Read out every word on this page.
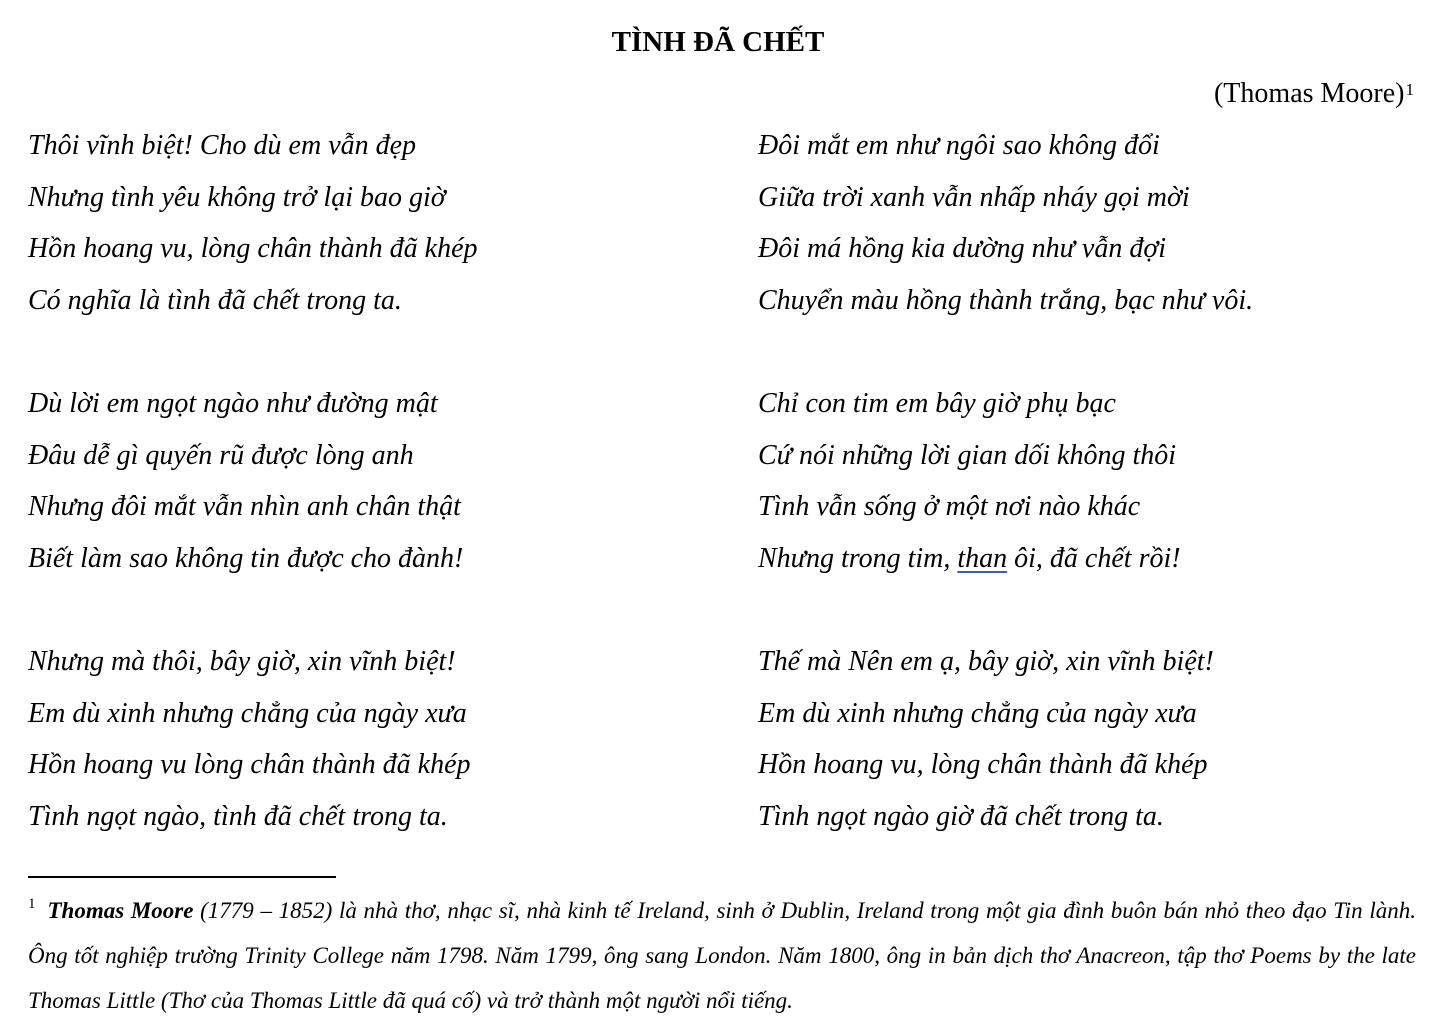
TÌNH ĐÃ CHẾT
(Thomas Moore)$^1$
Thôi vĩnh biệt! Cho dù em vẫn đẹp
Nhưng tình yêu không trở lại bao giờ
Hồn hoang vu, lòng chân thành đã khép
Có nghĩa là tình đã chết trong ta.
Dù lời em ngọt ngào như đường mật
Đâu dễ gì quyến rũ được lòng anh
Nhưng đôi mắt vẫn nhìn anh chân thật
Biết làm sao không tin được cho đành!
Nhưng mà thôi, bây giờ, xin vĩnh biệt!
Em dù xinh nhưng chẳng của ngày xưa
Hồn hoang vu lòng chân thành đã khép
Tình ngọt ngào, tình đã chết trong ta.
Đôi mắt em như ngôi sao không đổi
Giữa trời xanh vẫn nhấp nháy gọi mời
Đôi má hồng kia dường như vẫn đợi
Chuyển màu hồng thành trắng, bạc như vôi.
Chỉ con tim em bây giờ phụ bạc
Cứ nói những lời gian dối không thôi
Tình vẫn sống ở một nơi nào khác
Nhưng trong tim, than ôi, đã chết rồi!
Thế mà Nên em ạ, bây giờ, xin vĩnh biệt!
Em dù xinh nhưng chẳng của ngày xưa
Hồn hoang vu, lòng chân thành đã khép
Tình ngọt ngào giờ đã chết trong ta.
$^1$ Thomas Moore (1779 – 1852) là nhà thơ, nhạc sĩ, nhà kinh tế Ireland, sinh ở Dublin, Ireland trong một gia đình buôn bán nhỏ theo đạo Tin lành. Ông tốt nghiệp trường Trinity College năm 1798. Năm 1799, ông sang London. Năm 1800, ông in bản dịch thơ Anacreon, tập thơ Poems by the late Thomas Little (Thơ của Thomas Little đã quá cố) và trở thành một người nổi tiếng.
